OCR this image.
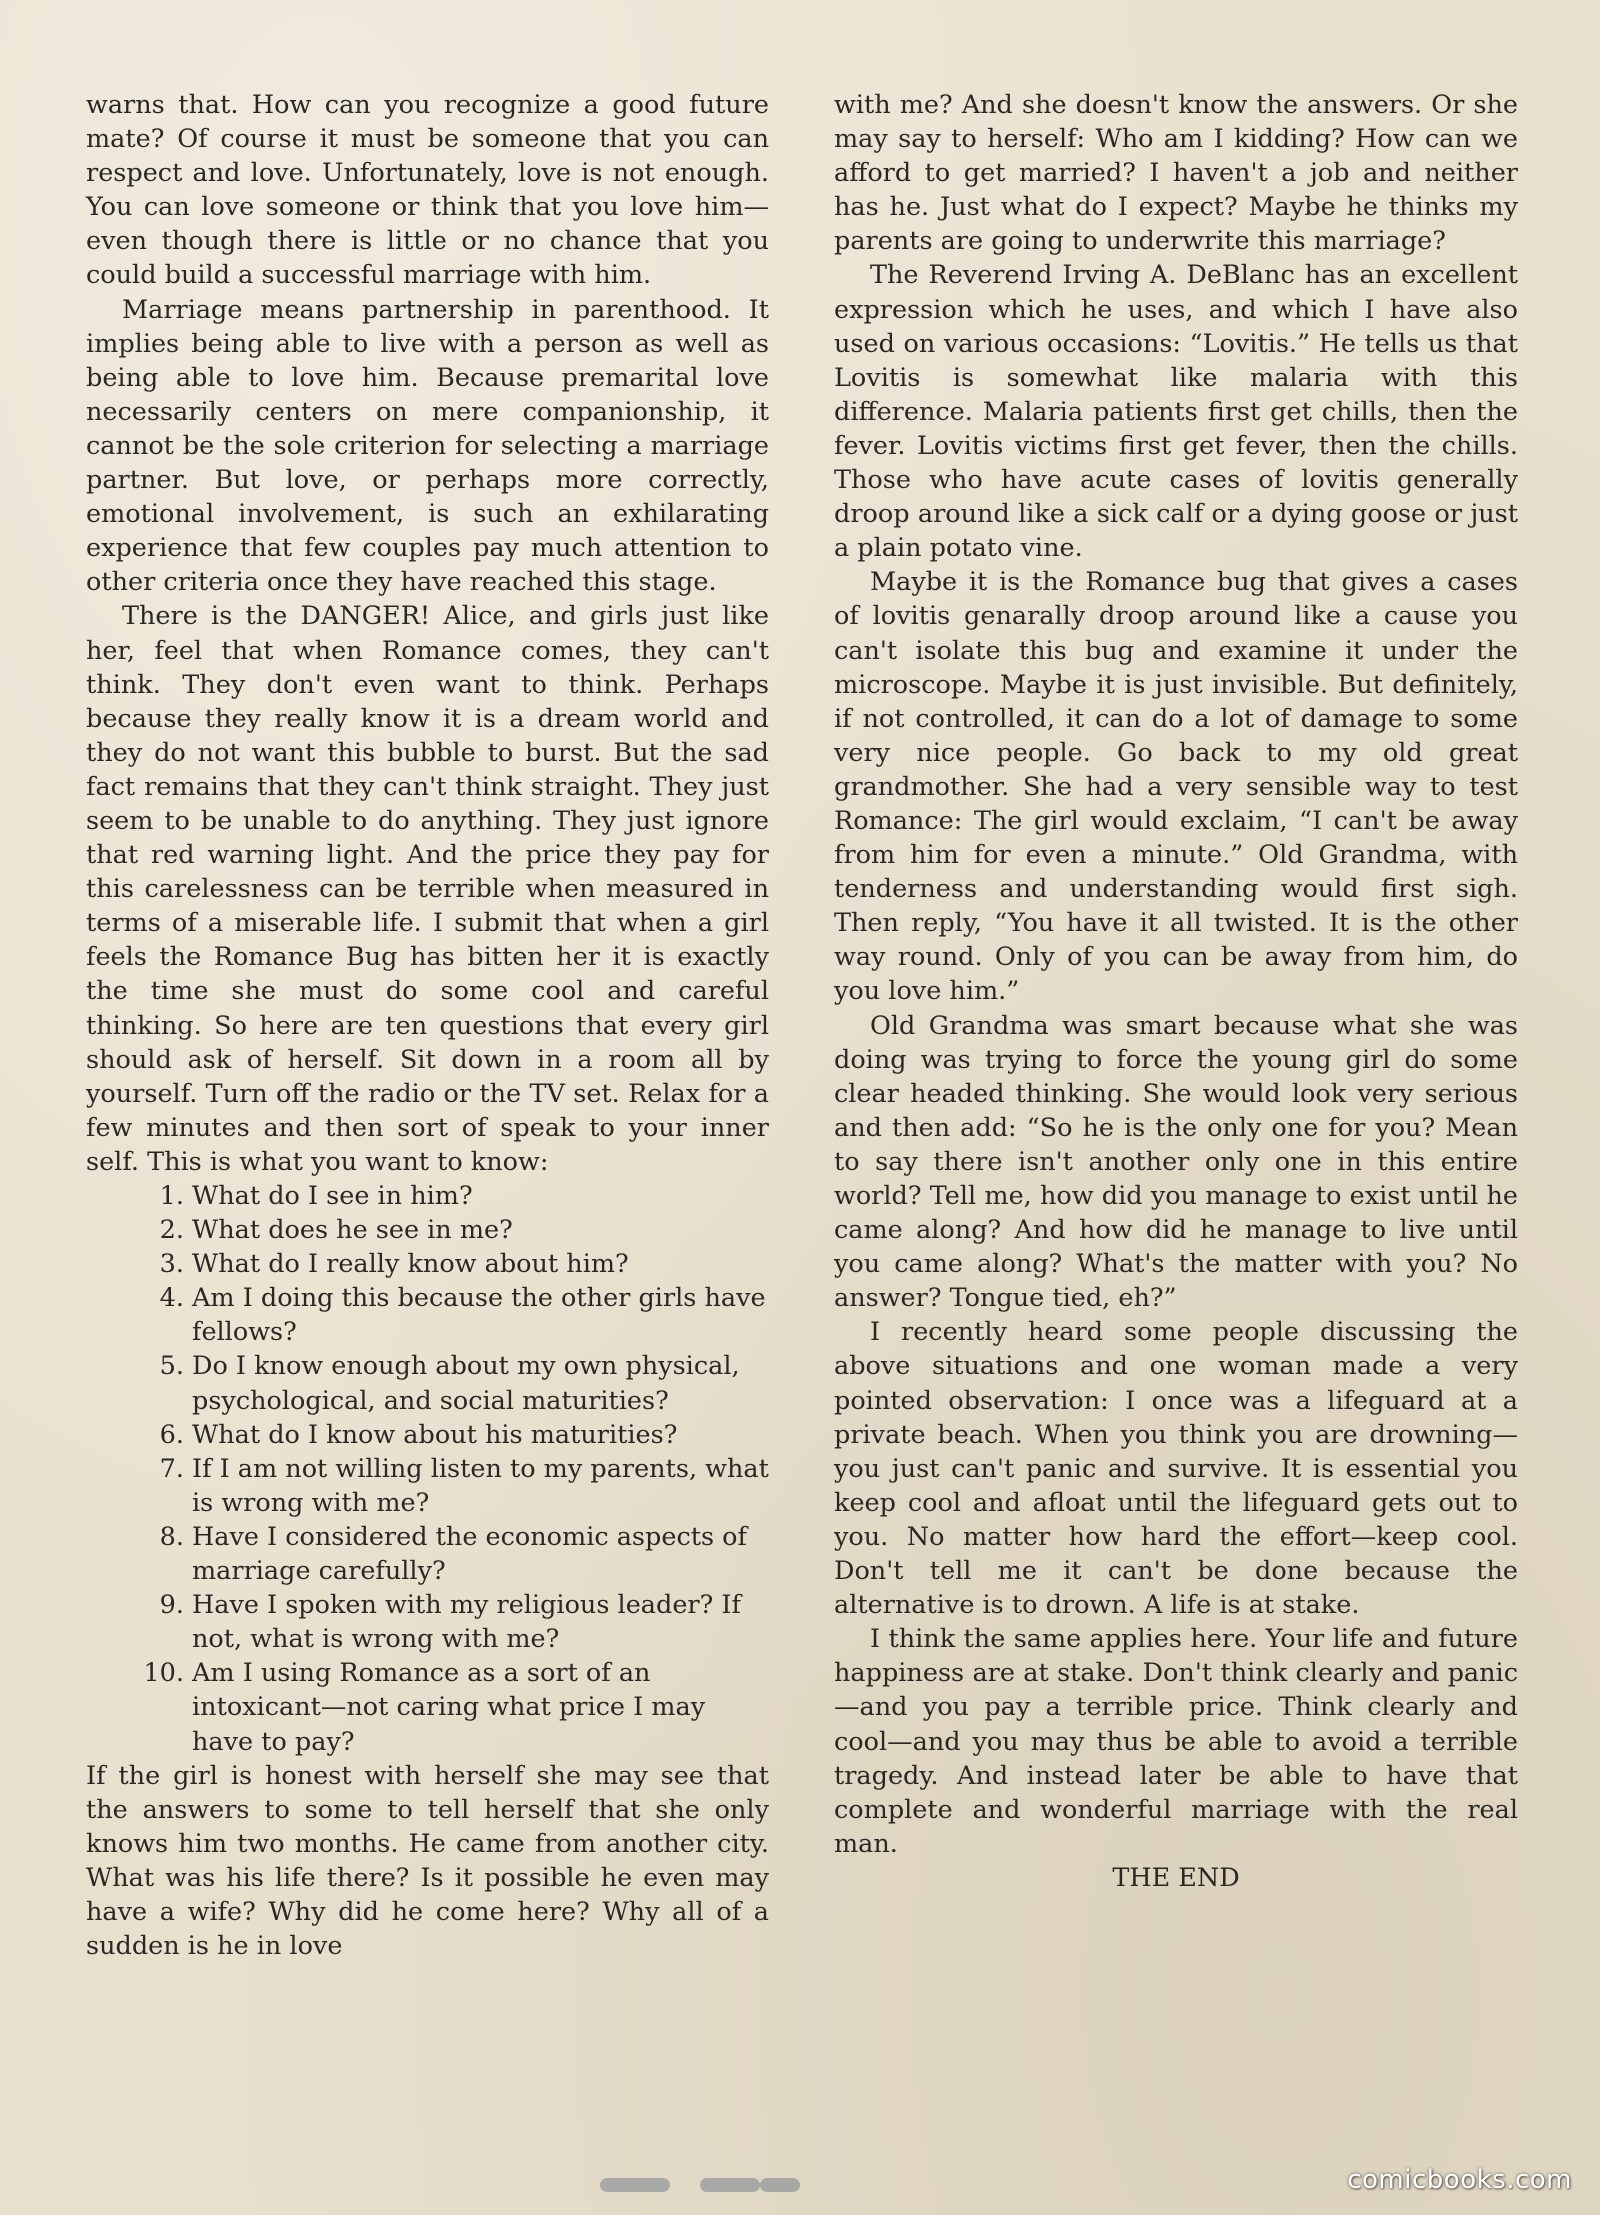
warns that. How can you recognize a good future mate? Of course it must be someone that you can respect and love. Unfortunately, love is not enough. You can love someone or think that you love him—even though there is little or no chance that you could build a successful marriage with him.

Marriage means partnership in parenthood. It implies being able to live with a person as well as being able to love him. Because premarital love necessarily centers on mere companionship, it cannot be the sole criterion for selecting a marriage partner. But love, or perhaps more correctly, emotional involvement, is such an exhilarating experience that few couples pay much attention to other criteria once they have reached this stage.

There is the DANGER! Alice, and girls just like her, feel that when Romance comes, they can't think. They don't even want to think. Perhaps because they really know it is a dream world and they do not want this bubble to burst. But the sad fact remains that they can't think straight. They just seem to be unable to do anything. They just ignore that red warning light. And the price they pay for this carelessness can be terrible when measured in terms of a miserable life. I submit that when a girl feels the Romance Bug has bitten her it is exactly the time she must do some cool and careful thinking. So here are ten questions that every girl should ask of herself. Sit down in a room all by yourself. Turn off the radio or the TV set. Relax for a few minutes and then sort of speak to your inner self. This is what you want to know:

1. What do I see in him?
2. What does he see in me?
3. What do I really know about him?
4. Am I doing this because the other girls have fellows?
5. Do I know enough about my own physical, psychological, and social maturities?
6. What do I know about his maturities?
7. If I am not willing listen to my parents, what is wrong with me?
8. Have I considered the economic aspects of marriage carefully?
9. Have I spoken with my religious leader? If not, what is wrong with me?
10. Am I using Romance as a sort of an intoxicant—not caring what price I may have to pay?

If the girl is honest with herself she may see that the answers to some to tell herself that she only knows him two months. He came from another city. What was his life there? Is it possible he even may have a wife? Why did he come here? Why all of a sudden is he in love

with me? And she doesn't know the answers. Or she may say to herself: Who am I kidding? How can we afford to get married? I haven't a job and neither has he. Just what do I expect? Maybe he thinks my parents are going to underwrite this marriage?

The Reverend Irving A. DeBlanc has an excellent expression which he uses, and which I have also used on various occasions: “Lovitis.” He tells us that Lovitis is somewhat like malaria with this difference. Malaria patients first get chills, then the fever. Lovitis victims first get fever, then the chills. Those who have acute cases of lovitis generally droop around like a sick calf or a dying goose or just a plain potato vine.

Maybe it is the Romance bug that gives a cases of lovitis genarally droop around like a cause you can't isolate this bug and examine it under the microscope. Maybe it is just invisible. But definitely, if not controlled, it can do a lot of damage to some very nice people. Go back to my old great grandmother. She had a very sensible way to test Romance: The girl would exclaim, “I can't be away from him for even a minute.” Old Grandma, with tenderness and understanding would first sigh. Then reply, “You have it all twisted. It is the other way round. Only of you can be away from him, do you love him.”

Old Grandma was smart because what she was doing was trying to force the young girl do some clear headed thinking. She would look very serious and then add: “So he is the only one for you? Mean to say there isn't another only one in this entire world? Tell me, how did you manage to exist until he came along? And how did he manage to live until you came along? What's the matter with you? No answer? Tongue tied, eh?”

I recently heard some people discussing the above situations and one woman made a very pointed observation: I once was a lifeguard at a private beach. When you think you are drowning—you just can't panic and survive. It is essential you keep cool and afloat until the lifeguard gets out to you. No matter how hard the effort—keep cool. Don't tell me it can't be done because the alternative is to drown. A life is at stake.

I think the same applies here. Your life and future happiness are at stake. Don't think clearly and panic—and you pay a terrible price. Think clearly and cool—and you may thus be able to avoid a terrible tragedy. And instead later be able to have that complete and wonderful marriage with the real man.

THE END

comicbooks.com
